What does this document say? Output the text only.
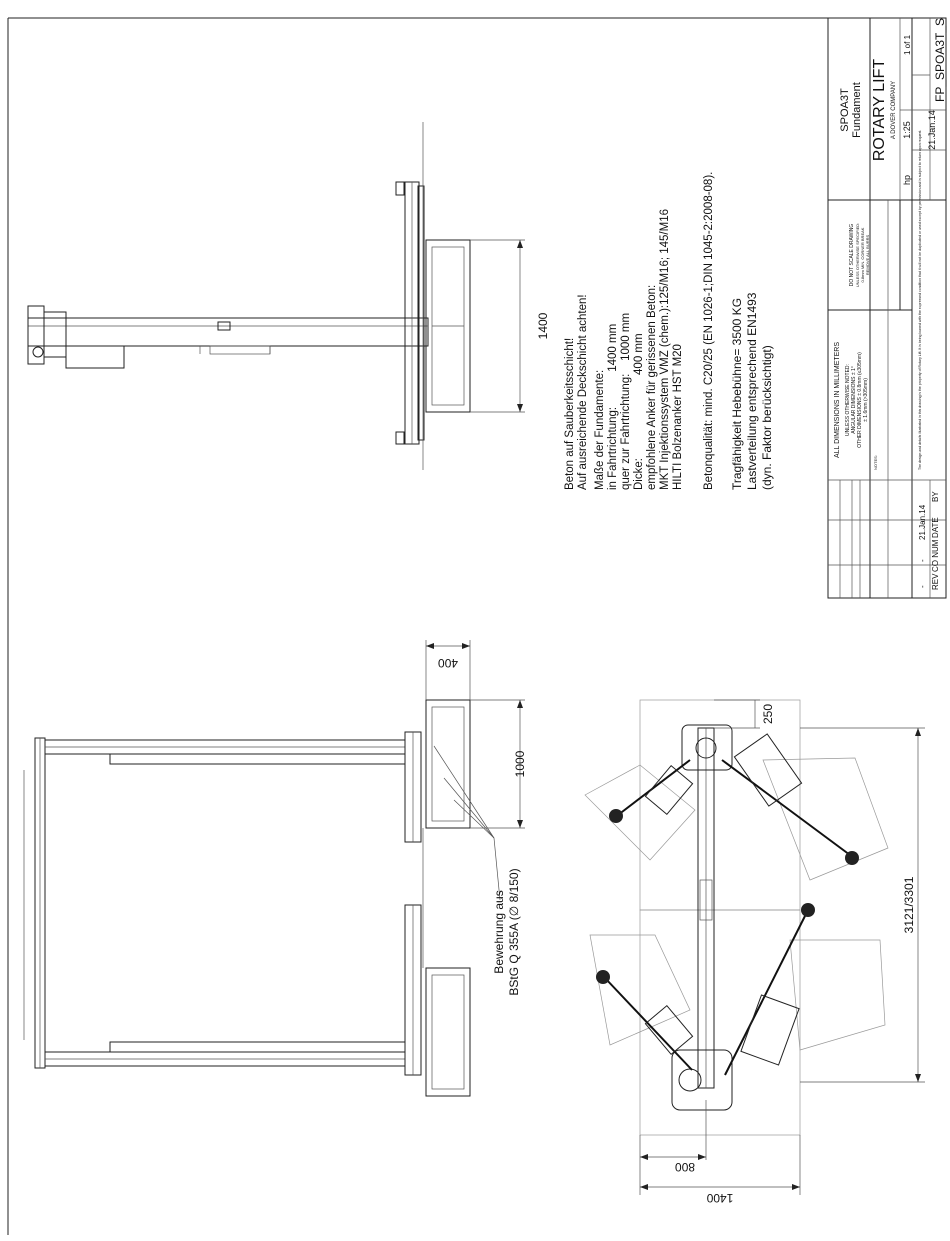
1400
400
1000
Bewehrung aus BStG Q 355A (∅ 8/150)
250
3121/3301
800
1400
Beton auf Sauberkeitsschicht! Auf ausreichende Deckschicht achten! Maße der Fundamente: in Fahrtrichtung:           1400 mm quer zur Fahrtrichtung:    1000 mm Dicke:                          400 mm empfohlene Anker für gerissenen Beton: MKT Injektionssystem VMZ (chem.):125/M16; 145/M16 HILTI Bolzenanker HST M20 Betonqualität: mind. C20/25 (EN 1026-1;DIN 1045-2:2008-08). Tragfähigkeit Hebebühne= 3500 KG Lastverteilung entsprechend EN1493 (dyn. Faktor berücksichtigt)
SPOA3T Fundament ROTARY LIFT A DOVER COMPANY 1:25
1 of 1
hp
21.Jan.14
FP_SPOA3T_S
ALL DIMENSIONS IN MILLIMETERS UNLESS OTHERWISE NOTED: ANGULAR DIMENSIONS ± 1° OTHER DIMENSIONS ± 0.8mm (≤305mm) ± 1.6mm (>305mm)
DO NOT SCALE DRAWING UNLESS OTHERWISE SPECIFIED: 0.8mm MIN. CORNER BREAK REMOVE ALL BURRS
NOTES:	The design and details illustrated in this drawing is the property of Rotary Lift. It is being loaned with the expressed condition that it will not be duplicated or used except by permission and is subject to return upon request.
REV
CO NUM
DATE
BY
-
-
21.Jan.14
